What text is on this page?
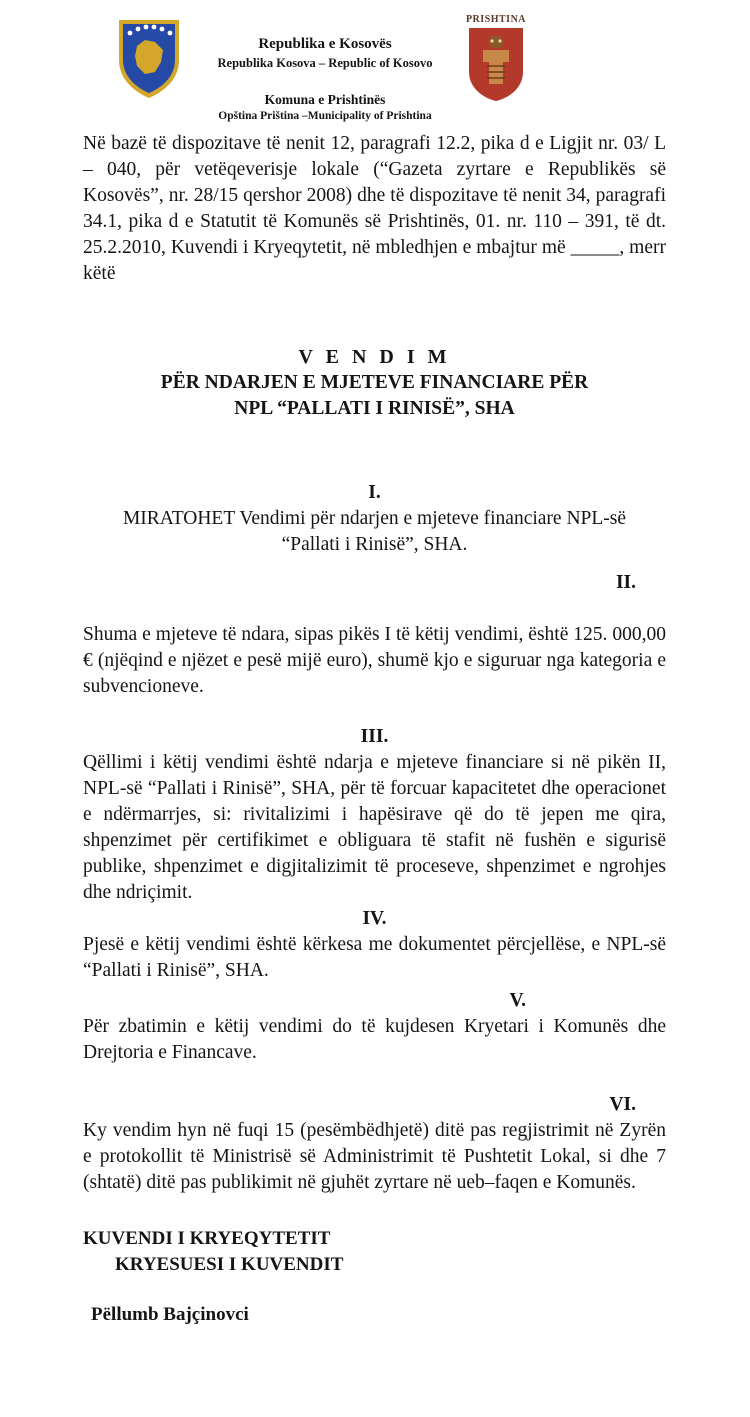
Republika e Kosovës
Republika Kosova – Republic of Kosovo
Komuna e Prishtinës
Opština Priština –Municipality of Prishtina
PRISHTINA

Në bazë të dispozitave të nenit 12, paragrafi 12.2, pika d e Ligjit nr. 03/ L – 040, për vetëqeverisje lokale (“Gazeta zyrtare e Republikës së Kosovës”, nr. 28/15 qershor 2008) dhe të dispozitave të nenit 34, paragrafi 34.1, pika d e Statutit të Komunës së Prishtinës, 01. nr. 110 – 391, të dt. 25.2.2010, Kuvendi i Kryeqytetit, në mbledhjen e mbajtur më _____, merr këtë

V E N D I M
PËR NDARJEN E MJETEVE FINANCIARE PËR
NPL “PALLATI I RINISË”, SHA
I.
MIRATOHET Vendimi për ndarjen e mjeteve financiare NPL-së
“Pallati i Rinisë”, SHA.
II.

Shuma e mjeteve të ndara, sipas pikës I të këtij vendimi, është 125. 000,00 € (njëqind e njëzet e pesë mijë euro), shumë kjo e siguruar nga kategoria e subvencioneve.

III.

Qëllimi i këtij vendimi është ndarja e mjeteve financiare si në pikën II, NPL-së “Pallati i Rinisë”, SHA, për të forcuar kapacitetet dhe operacionet e ndërmarrjes, si: rivitalizimi i hapësirave që do të jepen me qira, shpenzimet për certifikimet e obliguara të stafit në fushën e sigurisë publike, shpenzimet e digjitalizimit të proceseve, shpenzimet e ngrohjes dhe ndriçimit.

IV.

Pjesë e këtij vendimi është kërkesa me dokumentet përcjellëse, e NPL-së “Pallati i Rinisë”, SHA.

V.

Për zbatimin e këtij vendimi do të kujdesen Kryetari i Komunës dhe Drejtoria e Financave.

VI.

Ky vendim hyn në fuqi 15 (pesëmbëdhjetë) ditë pas regjistrimit në Zyrën e protokollit të Ministrisë së Administrimit të Pushtetit Lokal, si dhe 7 (shtatë) ditë pas publikimit në gjuhët zyrtare në ueb–faqen e Komunës.

KUVENDI I KRYEQYTETIT
KRYESUESI I KUVENDIT
Pëllumb Bajçinovci
